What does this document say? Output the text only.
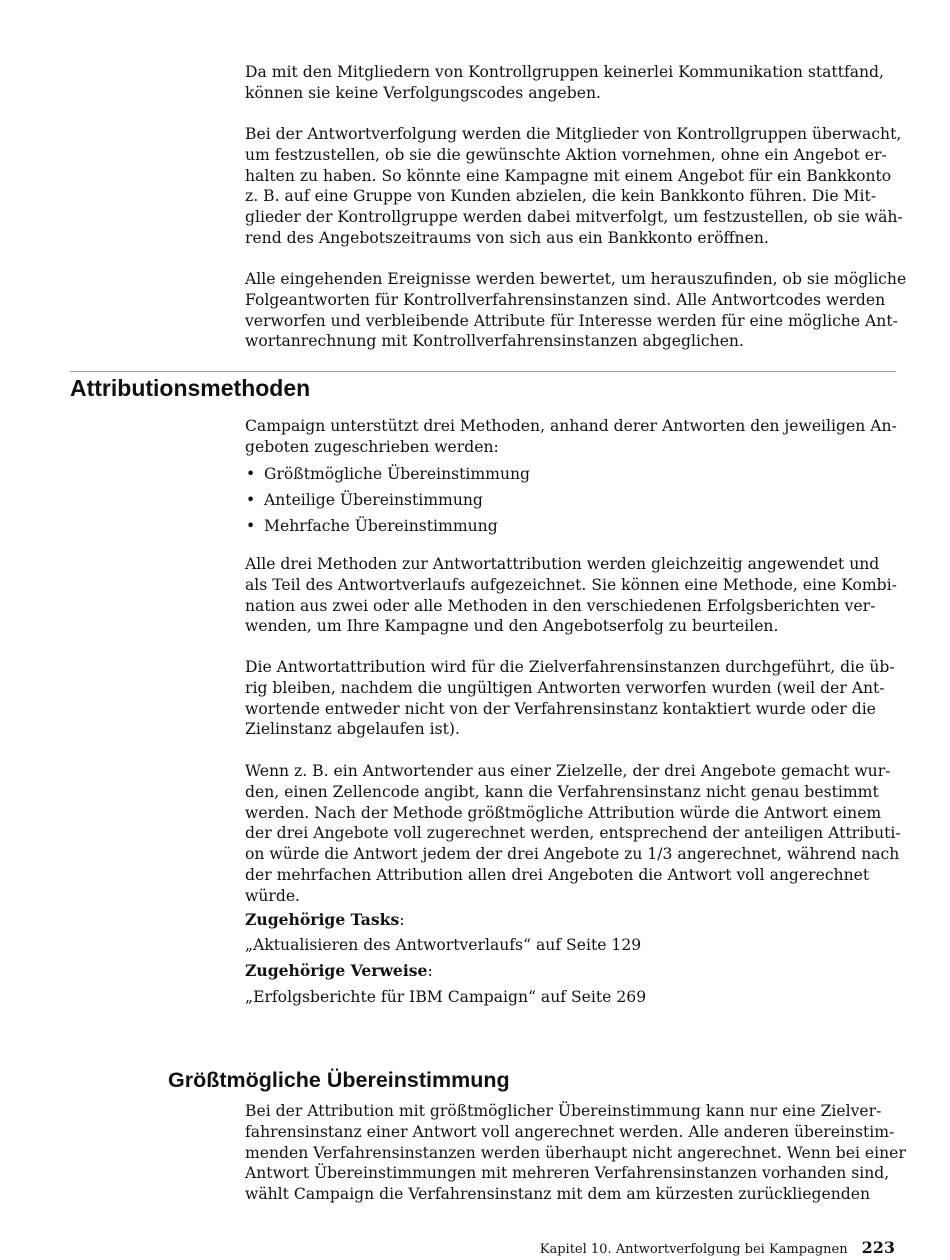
Da mit den Mitgliedern von Kontrollgruppen keinerlei Kommunikation stattfand,
können sie keine Verfolgungscodes angeben.

Bei der Antwortverfolgung werden die Mitglieder von Kontrollgruppen überwacht,
um festzustellen, ob sie die gewünschte Aktion vornehmen, ohne ein Angebot er-
halten zu haben. So könnte eine Kampagne mit einem Angebot für ein Bankkonto
z. B. auf eine Gruppe von Kunden abzielen, die kein Bankkonto führen. Die Mit-
glieder der Kontrollgruppe werden dabei mitverfolgt, um festzustellen, ob sie wäh-
rend des Angebotszeitraums von sich aus ein Bankkonto eröffnen.

Alle eingehenden Ereignisse werden bewertet, um herauszufinden, ob sie mögliche
Folgeantworten für Kontrollverfahrensinstanzen sind. Alle Antwortcodes werden
verworfen und verbleibende Attribute für Interesse werden für eine mögliche Ant-
wortanrechnung mit Kontrollverfahrensinstanzen abgeglichen.

Attributionsmethoden

Campaign unterstützt drei Methoden, anhand derer Antworten den jeweiligen An-
geboten zugeschrieben werden:

• Größtmögliche Übereinstimmung
• Anteilige Übereinstimmung
• Mehrfache Übereinstimmung

Alle drei Methoden zur Antwortattribution werden gleichzeitig angewendet und
als Teil des Antwortverlaufs aufgezeichnet. Sie können eine Methode, eine Kombi-
nation aus zwei oder alle Methoden in den verschiedenen Erfolgsberichten ver-
wenden, um Ihre Kampagne und den Angebotserfolg zu beurteilen.

Die Antwortattribution wird für die Zielverfahrensinstanzen durchgeführt, die üb-
rig bleiben, nachdem die ungültigen Antworten verworfen wurden (weil der Ant-
wortende entweder nicht von der Verfahrensinstanz kontaktiert wurde oder die
Zielinstanz abgelaufen ist).

Wenn z. B. ein Antwortender aus einer Zielzelle, der drei Angebote gemacht wur-
den, einen Zellencode angibt, kann die Verfahrensinstanz nicht genau bestimmt
werden. Nach der Methode größtmögliche Attribution würde die Antwort einem
der drei Angebote voll zugerechnet werden, entsprechend der anteiligen Attributi-
on würde die Antwort jedem der drei Angebote zu 1/3 angerechnet, während nach
der mehrfachen Attribution allen drei Angeboten die Antwort voll angerechnet
würde.

Zugehörige Tasks:

„Aktualisieren des Antwortverlaufs“ auf Seite 129

Zugehörige Verweise:

„Erfolgsberichte für IBM Campaign“ auf Seite 269

Größtmögliche Übereinstimmung

Bei der Attribution mit größtmöglicher Übereinstimmung kann nur eine Zielver-
fahrensinstanz einer Antwort voll angerechnet werden. Alle anderen übereinstim-
menden Verfahrensinstanzen werden überhaupt nicht angerechnet. Wenn bei einer
Antwort Übereinstimmungen mit mehreren Verfahrensinstanzen vorhanden sind,
wählt Campaign die Verfahrensinstanz mit dem am kürzesten zurückliegenden

Kapitel 10. Antwortverfolgung bei Kampagnen 223
